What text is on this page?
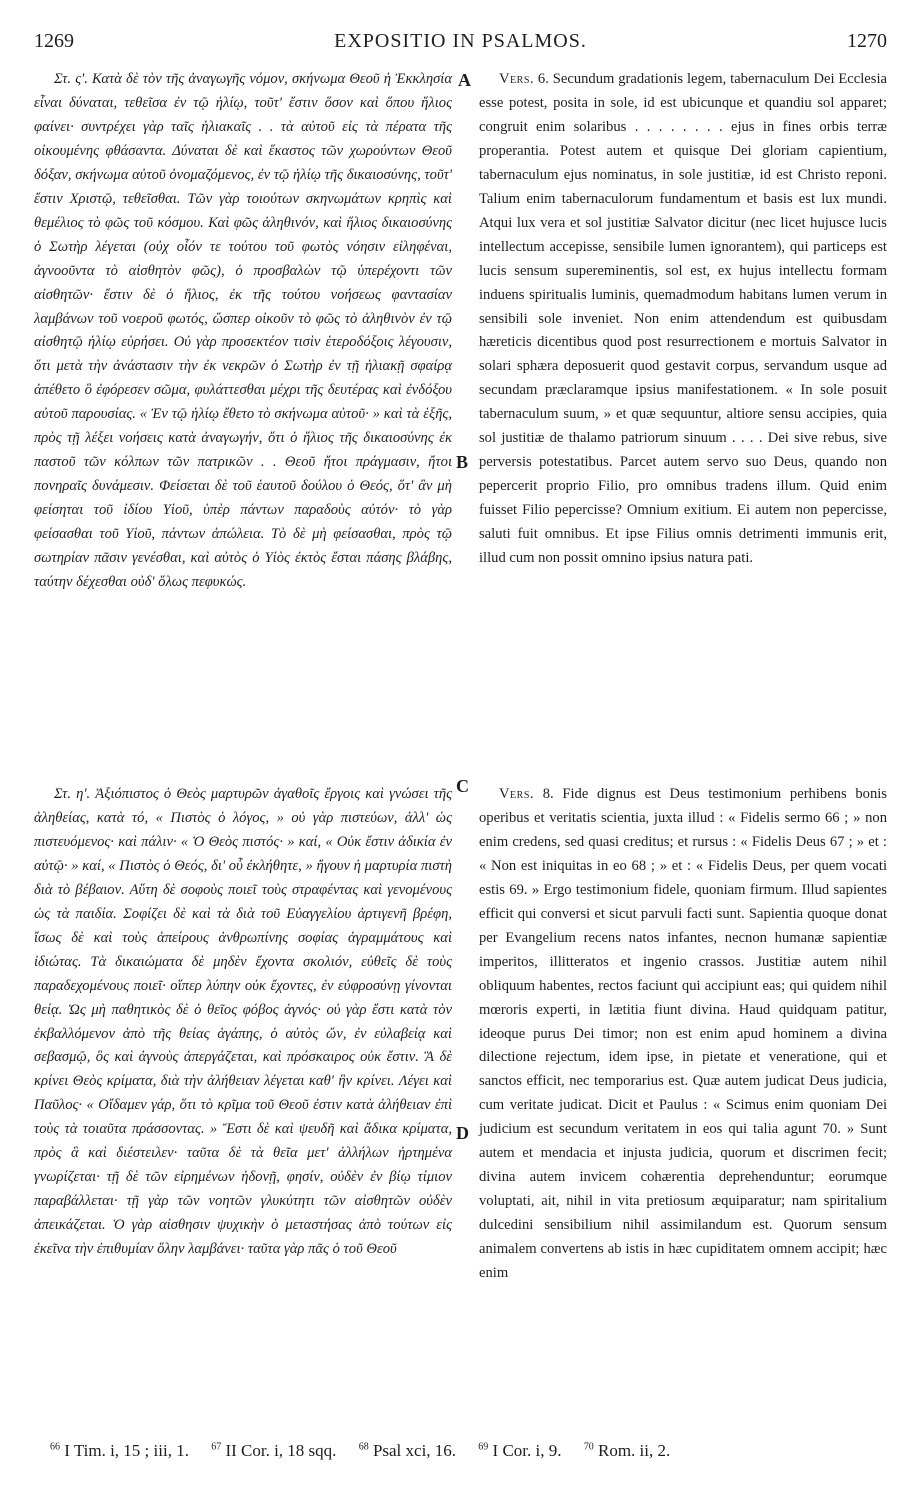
1269	EXPOSITIO IN PSALMOS.	1270

Στ. ς'. Κατὰ δὲ τὸν τῆς ἀναγωγῆς νόμον, σκήνωμα Θεοῦ ἡ Ἐκκλησία εἶναι δύναται, τεθεῖσα ἐν τῷ ἡλίῳ, τοῦτ' ἔστιν ὅσον καὶ ὅπου ἥλιος φαίνει· συντρέχει γὰρ ταῖς ἡλιακαῖς . . τὰ αὐτοῦ εἰς τὰ πέρατα τῆς οἰκουμένης φθάσαντα. Δύναται δὲ καὶ ἕκαστος τῶν χωρούντων Θεοῦ δόξαν, σκήνωμα αὐτοῦ ὀνομαζόμενος, ἐν τῷ ἡλίῳ τῆς δικαιοσύνης, τοῦτ' ἔστιν Χριστῷ, τεθεῖσθαι. Τῶν γὰρ τοιούτων σκηνωμάτων κρηπὶς καὶ θεμέλιος τὸ φῶς τοῦ κόσμου. Καὶ φῶς ἀληθινόν, καὶ ἥλιος δικαιοσύνης ὁ Σωτὴρ λέγεται (οὐχ οἷόν τε τούτου τοῦ φωτὸς νόησιν εἰληφέναι, ἀγνοοῦντα τὸ αἰσθητὸν φῶς), ὁ προσβαλὼν τῷ ὑπερέχοντι τῶν αἰσθητῶν· ἔστιν δὲ ὁ ἥλιος, ἐκ τῆς τούτου νοήσεως φαντασίαν λαμβάνων τοῦ νοεροῦ φωτός, ὥσπερ οἰκοῦν τὸ φῶς τὸ ἀληθινὸν ἐν τῷ αἰσθητῷ ἡλίῳ εὑρήσει. Οὐ γὰρ προσεκτέον τισὶν ἑτεροδόξοις λέγουσιν, ὅτι μετὰ τὴν ἀνάστασιν τὴν ἐκ νεκρῶν ὁ Σωτὴρ ἐν τῇ ἡλιακῇ σφαίρᾳ ἀπέθετο ὃ ἐφόρεσεν σῶμα, φυλάττεσθαι μέχρι τῆς δευτέρας καὶ ἐνδόξου αὐτοῦ παρουσίας. « Ἐν τῷ ἡλίῳ ἔθετο τὸ σκήνωμα αὐτοῦ· » καὶ τὰ ἑξῆς, πρὸς τῇ λέξει νοήσεις κατὰ ἀναγωγήν, ὅτι ὁ ἥλιος τῆς δικαιοσύνης ἐκ παστοῦ τῶν κόλπων τῶν πατρικῶν . . Θεοῦ ἤτοι πράγμασιν, ἤτοι πονηραῖς δυνάμεσιν. Φείσεται δὲ τοῦ ἑαυτοῦ δούλου ὁ Θεός, ὅτ' ἂν μὴ φείσηται τοῦ ἰδίου Υἱοῦ, ὑπὲρ πάντων παραδοὺς αὐτόν· τὸ γὰρ φείσασθαι τοῦ Υἱοῦ, πάντων ἀπώλεια. Τὸ δὲ μὴ φείσασθαι, πρὸς τῷ σωτηρίαν πᾶσιν γενέσθαι, καὶ αὐτὸς ὁ Υἱὸς ἐκτὸς ἔσται πάσης βλάβης, ταύτην δέχεσθαι οὐδ' ὅλως πεφυκώς.

Στ. η'. Ἀξιόπιστος ὁ Θεὸς μαρτυρῶν ἀγαθοῖς ἔργοις καὶ γνώσει τῆς ἀληθείας, κατὰ τό, « Πιστὸς ὁ λόγος, » οὐ γὰρ πιστεύων, ἀλλ' ὡς πιστευόμενος· καὶ πάλιν· « Ὁ Θεὸς πιστός· » καί, « Οὐκ ἔστιν ἀδικία ἐν αὐτῷ· » καί, « Πιστὸς ὁ Θεός, δι' οὗ ἐκλήθητε, » ἤγουν ἡ μαρτυρία πιστὴ διὰ τὸ βέβαιον. Αὕτη δὲ σοφοὺς ποιεῖ τοὺς στραφέντας καὶ γενομένους ὡς τὰ παιδία. Σοφίζει δὲ καὶ τὰ διὰ τοῦ Εὐαγγελίου ἀρτιγενῆ βρέφη, ἴσως δὲ καὶ τοὺς ἀπείρους ἀνθρωπίνης σοφίας ἀγραμμάτους καὶ ἰδιώτας. Τὰ δικαιώματα δὲ μηδὲν ἔχοντα σκολιόν, εὐθεῖς δὲ τοὺς παραδεχομένους ποιεῖ· οἵπερ λύπην οὐκ ἔχοντες, ἐν εὐφροσύνῃ γίνονται θείᾳ. Ὡς μὴ παθητικὸς δὲ ὁ θεῖος φόβος ἁγνός· οὐ γὰρ ἔστι κατὰ τὸν ἐκβαλλόμενον ἀπὸ τῆς θείας ἀγάπης, ὁ αὐτὸς ὤν, ἐν εὐλαβείᾳ καὶ σεβασμῷ, ὃς καὶ ἁγνοὺς ἀπεργάζεται, καὶ πρόσκαιρος οὐκ ἔστιν. Ἃ δὲ κρίνει Θεὸς κρίματα, διὰ τὴν ἀλήθειαν λέγεται καθ' ἣν κρίνει. Λέγει καὶ Παῦλος· « Οἴδαμεν γάρ, ὅτι τὸ κρῖμα τοῦ Θεοῦ ἐστιν κατὰ ἀλήθειαν ἐπὶ τοὺς τὰ τοιαῦτα πράσσοντας. » Ἔστι δὲ καὶ ψευδῆ καὶ ἄδικα κρίματα, πρὸς ἃ καὶ διέστειλεν· ταῦτα δὲ τὰ θεῖα μετ' ἀλλήλων ἠρτημένα γνωρίζεται· τῇ δὲ τῶν εἰρημένων ἡδονῇ, φησίν, οὐδὲν ἐν βίῳ τίμιον παραβάλλεται· τῇ γὰρ τῶν νοητῶν γλυκύτητι τῶν αἰσθητῶν οὐδὲν ἀπεικάζεται. Ὁ γὰρ αἰσθησιν ψυχικὴν ὁ μεταστήσας ἀπὸ τούτων εἰς ἐκεῖνα τὴν ἐπιθυμίαν ὅλην λαμβάνει· ταῦτα γὰρ πᾶς ὁ τοῦ Θεοῦ

A
B
C
D

Vers. 6. Secundum gradationis legem, tabernaculum Dei Ecclesia esse potest, posita in sole, id est ubicunque et quandiu sol apparet; congruit enim solaribus . . . . . . . . ejus in fines orbis terræ properantia. Potest autem et quisque Dei gloriam capientium, tabernaculum ejus nominatus, in sole justitiæ, id est Christo reponi. Talium enim tabernaculorum fundamentum et basis est lux mundi. Atqui lux vera et sol justitiæ Salvator dicitur (nec licet hujusce lucis intellectum accepisse, sensibile lumen ignorantem), qui particeps est lucis sensum supereminentis, sol est, ex hujus intellectu formam induens spiritualis luminis, quemadmodum habitans lumen verum in sensibili sole inveniet. Non enim attendendum est quibusdam hæreticis dicentibus quod post resurrectionem e mortuis Salvator in solari sphæra deposuerit quod gestavit corpus, servandum usque ad secundam præclaramque ipsius manifestationem. « In sole posuit tabernaculum suum, » et quæ sequuntur, altiore sensu accipies, quia sol justitiæ de thalamo patriorum sinuum . . . . Dei sive rebus, sive perversis potestatibus. Parcet autem servo suo Deus, quando non pepercerit proprio Filio, pro omnibus tradens illum. Quid enim fuisset Filio pepercisse? Omnium exitium. Ei autem non pepercisse, saluti fuit omnibus. Et ipse Filius omnis detrimenti immunis erit, illud cum non possit omnino ipsius natura pati.

Vers. 8. Fide dignus est Deus testimonium perhibens bonis operibus et veritatis scientia, juxta illud : « Fidelis sermo 66 ; » non enim credens, sed quasi creditus; et rursus : « Fidelis Deus 67 ; » et : « Non est iniquitas in eo 68 ; » et : « Fidelis Deus, per quem vocati estis 69. » Ergo testimonium fidele, quoniam firmum. Illud sapientes efficit qui conversi et sicut parvuli facti sunt. Sapientia quoque donat per Evangelium recens natos infantes, necnon humanæ sapientiæ imperitos, illitteratos et ingenio crassos. Justitiæ autem nihil obliquum habentes, rectos faciunt qui accipiunt eas; qui quidem nihil mœroris experti, in lætitia fiunt divina. Haud quidquam patitur, ideoque purus Dei timor; non est enim apud hominem a divina dilectione rejectum, idem ipse, in pietate et veneratione, qui et sanctos efficit, nec temporarius est. Quæ autem judicat Deus judicia, cum veritate judicat. Dicit et Paulus : « Scimus enim quoniam Dei judicium est secundum veritatem in eos qui talia agunt 70. » Sunt autem et mendacia et injusta judicia, quorum et discrimen fecit; divina autem invicem cohærentia deprehenduntur; eorumque voluptati, ait, nihil in vita pretiosum æquiparatur; nam spiritalium dulcedini sensibilium nihil assimilandum est. Quorum sensum animalem convertens ab istis in hæc cupiditatem omnem accipit; hæc enim

$^{66}$ I Tim. i, 15 ; iii, 1. $^{67}$ II Cor. i, 18 sqq. $^{68}$ Psal xci, 16. $^{69}$ I Cor. i, 9. $^{70}$ Rom. ii, 2.
